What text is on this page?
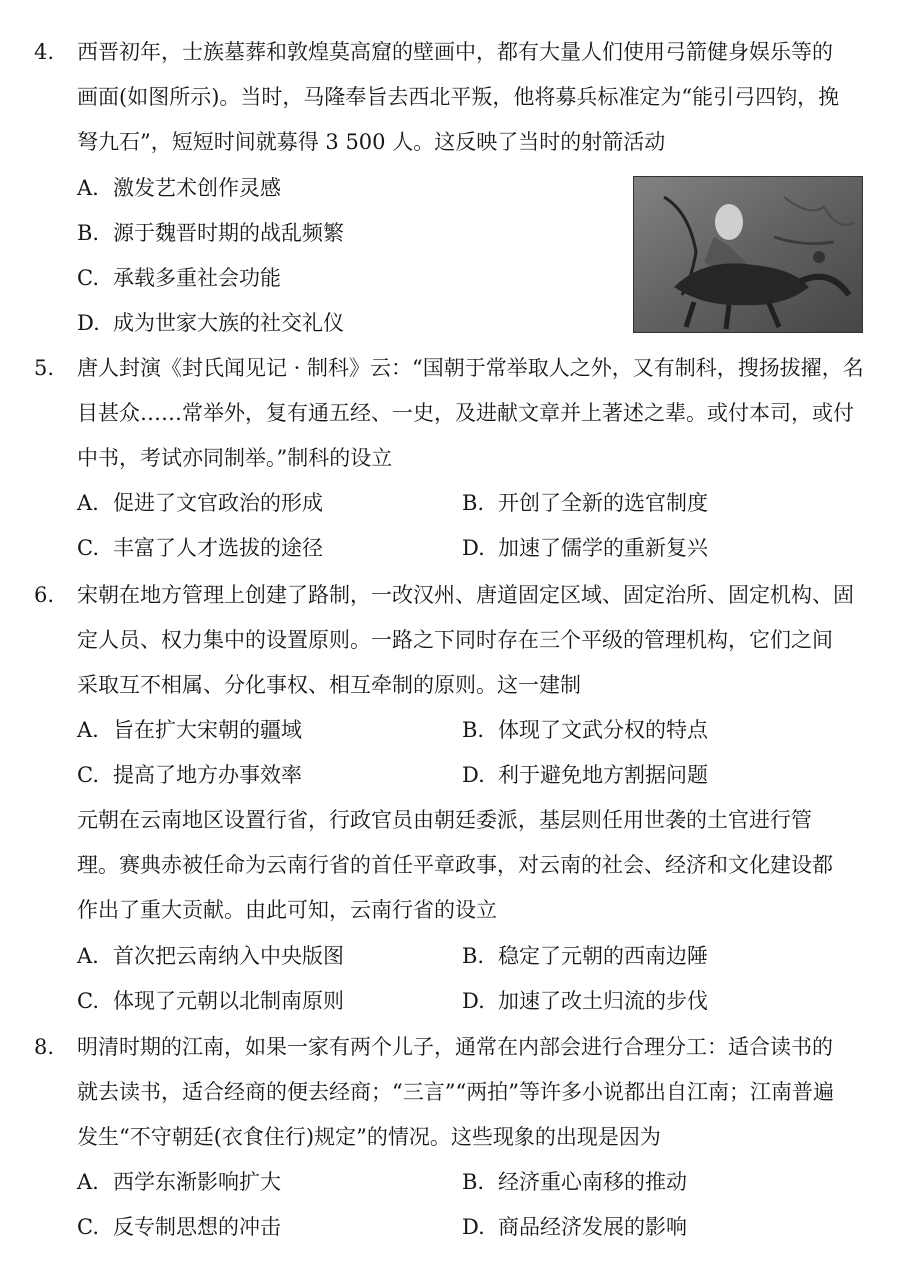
4.	西晋初年，士族墓葬和敦煌莫高窟的壁画中，都有大量人们使用弓箭健身娱乐等的
画面(如图所示)。当时，马隆奉旨去西北平叛，他将募兵标准定为“能引弓四钧，挽
弩九石”，短短时间就募得 3 500 人。这反映了当时的射箭活动
A. 激发艺术创作灵感
B. 源于魏晋时期的战乱频繁
C. 承载多重社会功能
D. 成为世家大族的社交礼仪
5.	唐人封演《封氏闻见记 · 制科》云：“国朝于常举取人之外，又有制科，搜扬拔擢，名
目甚众……常举外，复有通五经、一史，及进献文章并上著述之辈。或付本司，或付
中书，考试亦同制举。”制科的设立
A. 促进了文官政治的形成	B. 开创了全新的选官制度
C. 丰富了人才选拔的途径	D. 加速了儒学的重新复兴
6.	宋朝在地方管理上创建了路制，一改汉州、唐道固定区域、固定治所、固定机构、固
定人员、权力集中的设置原则。一路之下同时存在三个平级的管理机构，它们之间
采取互不相属、分化事权、相互牵制的原则。这一建制
A. 旨在扩大宋朝的疆域	B. 体现了文武分权的特点
C. 提高了地方办事效率	D. 利于避免地方割据问题
元朝在云南地区设置行省，行政官员由朝廷委派，基层则任用世袭的土官进行管
理。赛典赤被任命为云南行省的首任平章政事，对云南的社会、经济和文化建设都
作出了重大贡献。由此可知，云南行省的设立
A. 首次把云南纳入中央版图	B. 稳定了元朝的西南边陲
C. 体现了元朝以北制南原则	D. 加速了改土归流的步伐
8.	明清时期的江南，如果一家有两个儿子，通常在内部会进行合理分工：适合读书的
就去读书，适合经商的便去经商；“三言”“两拍”等许多小说都出自江南；江南普遍
发生“不守朝廷(衣食住行)规定”的情况。这些现象的出现是因为
A. 西学东渐影响扩大	B. 经济重心南移的推动
C. 反专制思想的冲击	D. 商品经济发展的影响
